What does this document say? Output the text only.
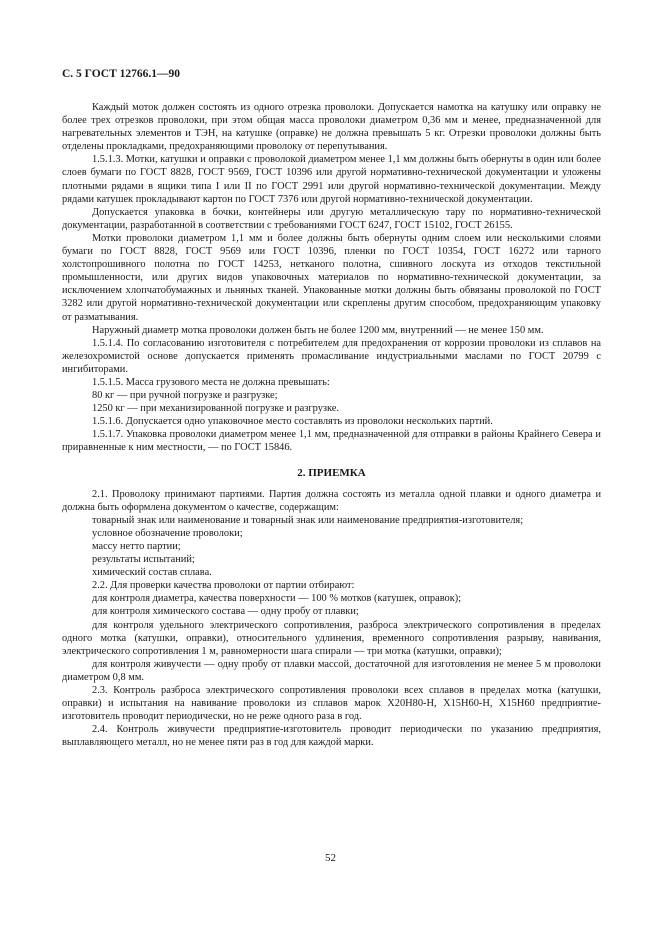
С. 5 ГОСТ 12766.1—90

Каждый моток должен состоять из одного отрезка проволоки. Допускается намотка на катушку или оправку не более трех отрезков проволоки, при этом общая масса проволоки диаметром 0,36 мм и менее, предназначенной для нагревательных элементов и ТЭН, на катушке (оправке) не должна превышать 5 кг. Отрезки проволоки должны быть отделены прокладками, предохраняющими проволоку от перепутывания.

1.5.1.3. Мотки, катушки и оправки с проволокой диаметром менее 1,1 мм должны быть обернуты в один или более слоев бумаги по ГОСТ 8828, ГОСТ 9569, ГОСТ 10396 или другой нормативно-технической документации и уложены плотными рядами в ящики типа I или II по ГОСТ 2991 или другой нормативно-технической документации. Между рядами катушек прокладывают картон по ГОСТ 7376 или другой нормативно-технической документации.

Допускается упаковка в бочки, контейнеры или другую металлическую тару по нормативно-технической документации, разработанной в соответствии с требованиями ГОСТ 6247, ГОСТ 15102, ГОСТ 26155.

Мотки проволоки диаметром 1,1 мм и более должны быть обернуты одним слоем или несколькими слоями бумаги по ГОСТ 8828, ГОСТ 9569 или ГОСТ 10396, пленки по ГОСТ 10354, ГОСТ 16272 или тарного холстопрошивного полотна по ГОСТ 14253, нетканого полотна, сшивного лоскута из отходов текстильной промышленности, или других видов упаковочных материалов по нормативно-технической документации, за исключением хлопчатобумажных и льняных тканей. Упакованные мотки должны быть обвязаны проволокой по ГОСТ 3282 или другой нормативно-технической документации или скреплены другим способом, предохраняющим упаковку от разматывания.

Наружный диаметр мотка проволоки должен быть не более 1200 мм, внутренний — не менее 150 мм.

1.5.1.4. По согласованию изготовителя с потребителем для предохранения от коррозии проволоки из сплавов на железохромистой основе допускается применять промасливание индустриальными маслами по ГОСТ 20799 с ингибиторами.

1.5.1.5. Масса грузового места не должна превышать:

80 кг — при ручной погрузке и разгрузке;

1250 кг — при механизированной погрузке и разгрузке.

1.5.1.6. Допускается одно упаковочное место составлять из проволоки нескольких партий.

1.5.1.7. Упаковка проволоки диаметром менее 1,1 мм, предназначенной для отправки в районы Крайнего Севера и приравненные к ним местности, — по ГОСТ 15846.

2. ПРИЕМКА

2.1. Проволоку принимают партиями. Партия должна состоять из металла одной плавки и одного диаметра и должна быть оформлена документом о качестве, содержащим:

товарный знак или наименование и товарный знак или наименование предприятия-изготовителя;

условное обозначение проволоки;

массу нетто партии;

результаты испытаний;

химический состав сплава.

2.2. Для проверки качества проволоки от партии отбирают:

для контроля диаметра, качества поверхности — 100 % мотков (катушек, оправок);

для контроля химического состава — одну пробу от плавки;

для контроля удельного электрического сопротивления, разброса электрического сопротивления в пределах одного мотка (катушки, оправки), относительного удлинения, временного сопротивления разрыву, навивания, электрического сопротивления 1 м, равномерности шага спирали — три мотка (катушки, оправки);

для контроля живучести — одну пробу от плавки массой, достаточной для изготовления не менее 5 м проволоки диаметром 0,8 мм.

2.3. Контроль разброса электрического сопротивления проволоки всех сплавов в пределах мотка (катушки, оправки) и испытания на навивание проволоки из сплавов марок Х20Н80-Н, Х15Н60-Н, Х15Н60 предприятие-изготовитель проводит периодически, но не реже одного раза в год.

2.4. Контроль живучести предприятие-изготовитель проводит периодически по указанию предприятия, выплавляющего металл, но не менее пяти раз в год для каждой марки.

52
